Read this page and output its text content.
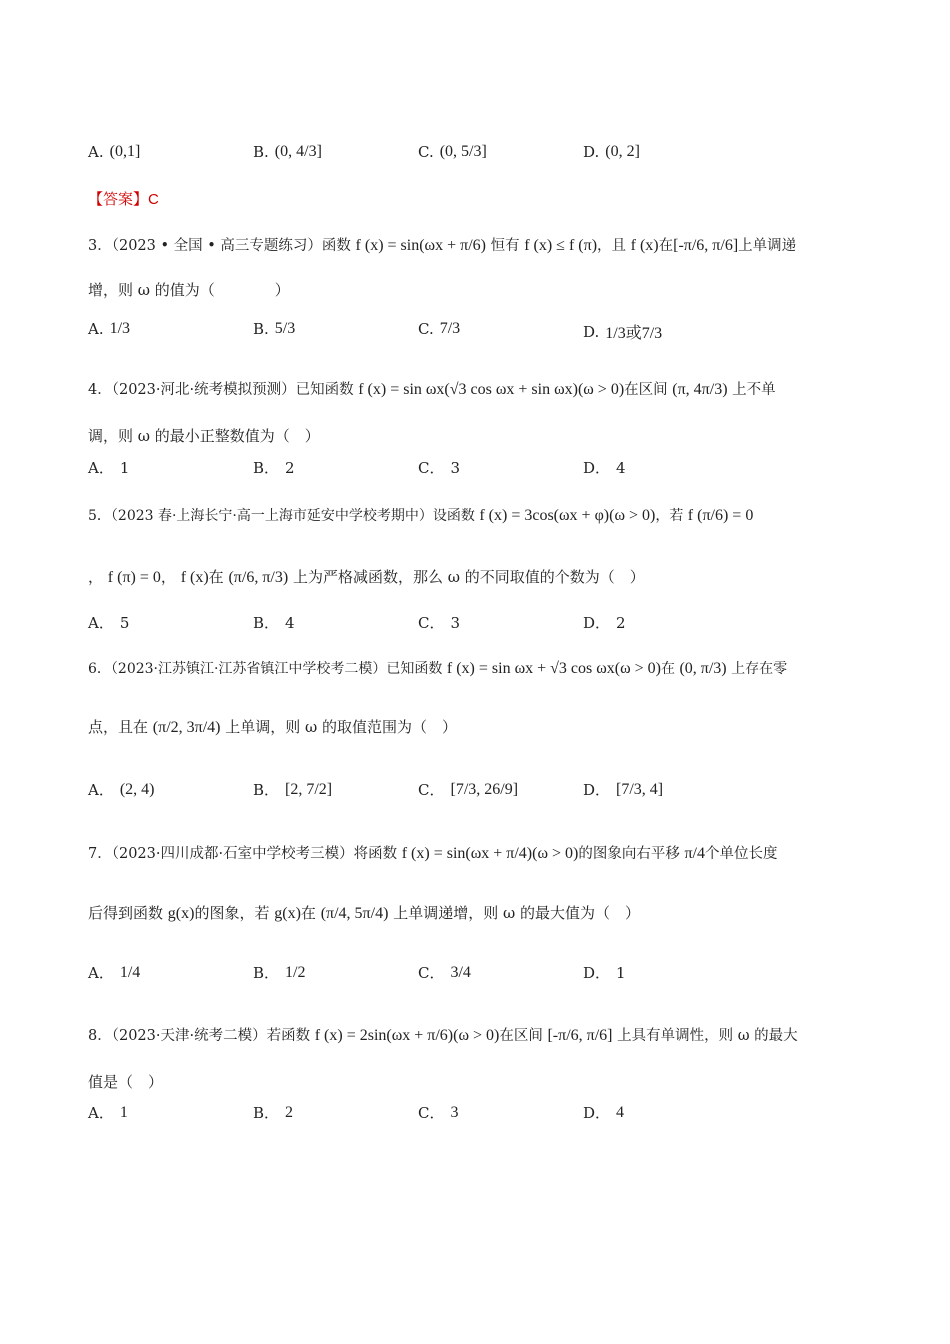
A. (0,1]	B. (0, 4/3]	C. (0, 5/3]	D. (0, 2]
【答案】C
3．（2023 • 全国 • 高三专题练习）函数 f (x) = sin(ωx + π/6) 恒有 f (x) ≤ f (π)，且 f (x)在[-π/6, π/6]上单调递
增，则 ω 的值为（　　　　）
A. 1/3	B. 5/3	C. 7/3	D. 1/3或7/3
4．（2023·河北·统考模拟预测）已知函数 f (x) = sin ωx(√3 cos ωx + sin ωx)(ω > 0)在区间 (π, 4π/3) 上不单
调，则 ω 的最小正整数值为（　）
A． 1	B． 2	C． 3	D． 4
5．（2023 春·上海长宁·高一上海市延安中学校考期中）设函数 f (x) = 3cos(ωx + φ)(ω > 0)，若 f (π/6) = 0
， f (π) = 0， f (x)在 (π/6, π/3) 上为严格减函数，那么 ω 的不同取值的个数为（　）
A． 5	B． 4	C． 3	D． 2
6．（2023·江苏镇江·江苏省镇江中学校考二模）已知函数 f (x) = sin ωx + √3 cos ωx(ω > 0)在 (0, π/3) 上存在零
点，且在 (π/2, 3π/4) 上单调，则 ω 的取值范围为（　）
A． (2, 4)	B． [2, 7/2]	C． [7/3, 26/9]	D． [7/3, 4]
7．（2023·四川成都·石室中学校考三模）将函数 f (x) = sin(ωx + π/4)(ω > 0)的图象向右平移 π/4个单位长度
后得到函数 g(x)的图象，若 g(x)在 (π/4, 5π/4) 上单调递增，则 ω 的最大值为（　）
A． 1/4	B． 1/2	C． 3/4	D． 1
8．（2023·天津·统考二模）若函数 f (x) = 2sin(ωx + π/6)(ω > 0)在区间 [-π/6, π/6] 上具有单调性，则 ω 的最大
值是（　）
A． 1	B． 2	C． 3	D． 4
